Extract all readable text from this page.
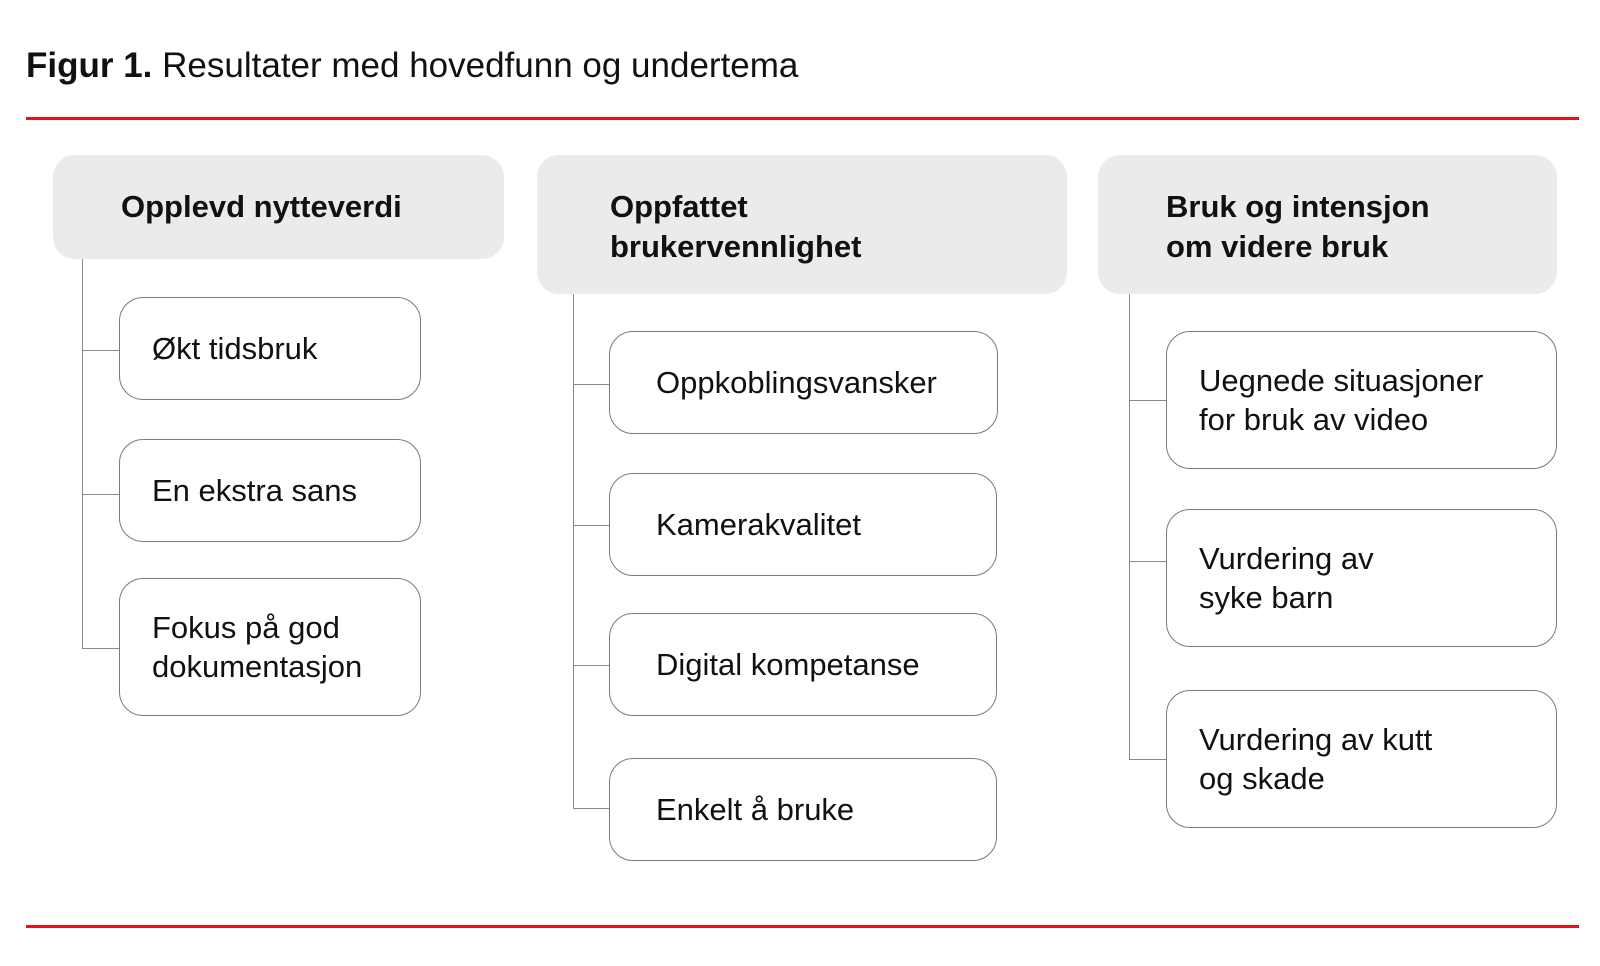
Figur 1. Resultater med hovedfunn og undertema
Opplevd nytteverdi
Økt tidsbruk
En ekstra sans
Fokus på god
dokumentasjon
Oppfattet
brukervennlighet
Oppkoblingsvansker
Kamerakvalitet
Digital kompetanse
Enkelt å bruke
Bruk og intensjon
om videre bruk
Uegnede situasjoner
for bruk av video
Vurdering av
syke barn
Vurdering av kutt
og skade
